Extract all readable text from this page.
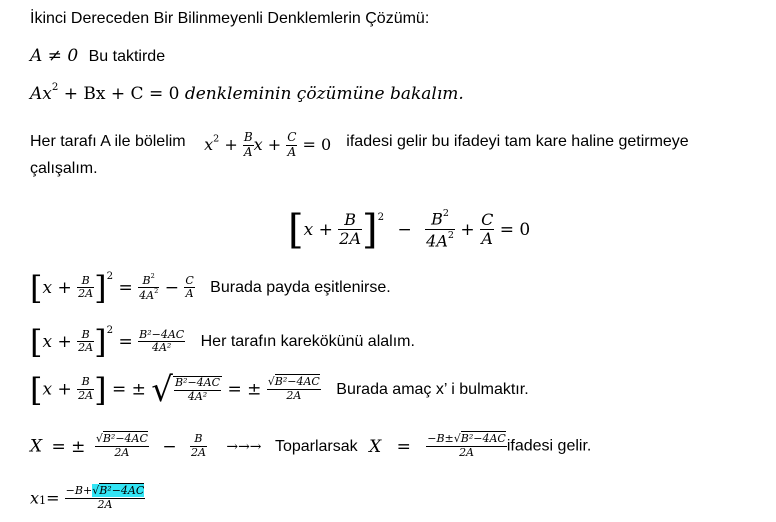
İkinci Dereceden Bir Bilinmeyenli Denklemlerin Çözümü:
A ≠ 0 Bu taktirde
$Ax^2 + Bx + C = 0$ denkleminin çözümüne bakalım.
Her tarafı A ile bölelim $x^2 + \frac{B}{A}$ $x + \frac{C}{A} = 0$ ifadesi gelir bu ifadeyi tam kare haline getirmeye
çalışalım.
$[x + \frac{B}{2A} ]^2 - \frac{B^2}{4A^2} + \frac{C}{A} = 0$
$[x + \frac{B}{2A} ]^2 = \frac{B^2}{4A^2} - \frac{C}{A}$ Burada payda eşitlenirse.
$[x + \frac{B}{2A} ]^2 = \frac{\text{B²−4AC}}{\text{4A²}}$ Her tarafın karekökünü alalım.
[$x + \frac{B}{2A}$ ] = ± √ $\frac{\text{B²−4AC}}{\text{4A²}}$ = ± $\frac{\text{√B²−4AC}}{2A}$ Burada amaç x’ i bulmaktır.
X = ± $\frac{\text{√B²−4AC}}{2A} - \frac{B}{2A}$ →→→ Toparlarsak $X = \frac{\text{−B±√B²−4AC}}{2A}$ ifadesi gelir.
$x1= \frac{\text{−B+√B²−4AC}}{2A}$
